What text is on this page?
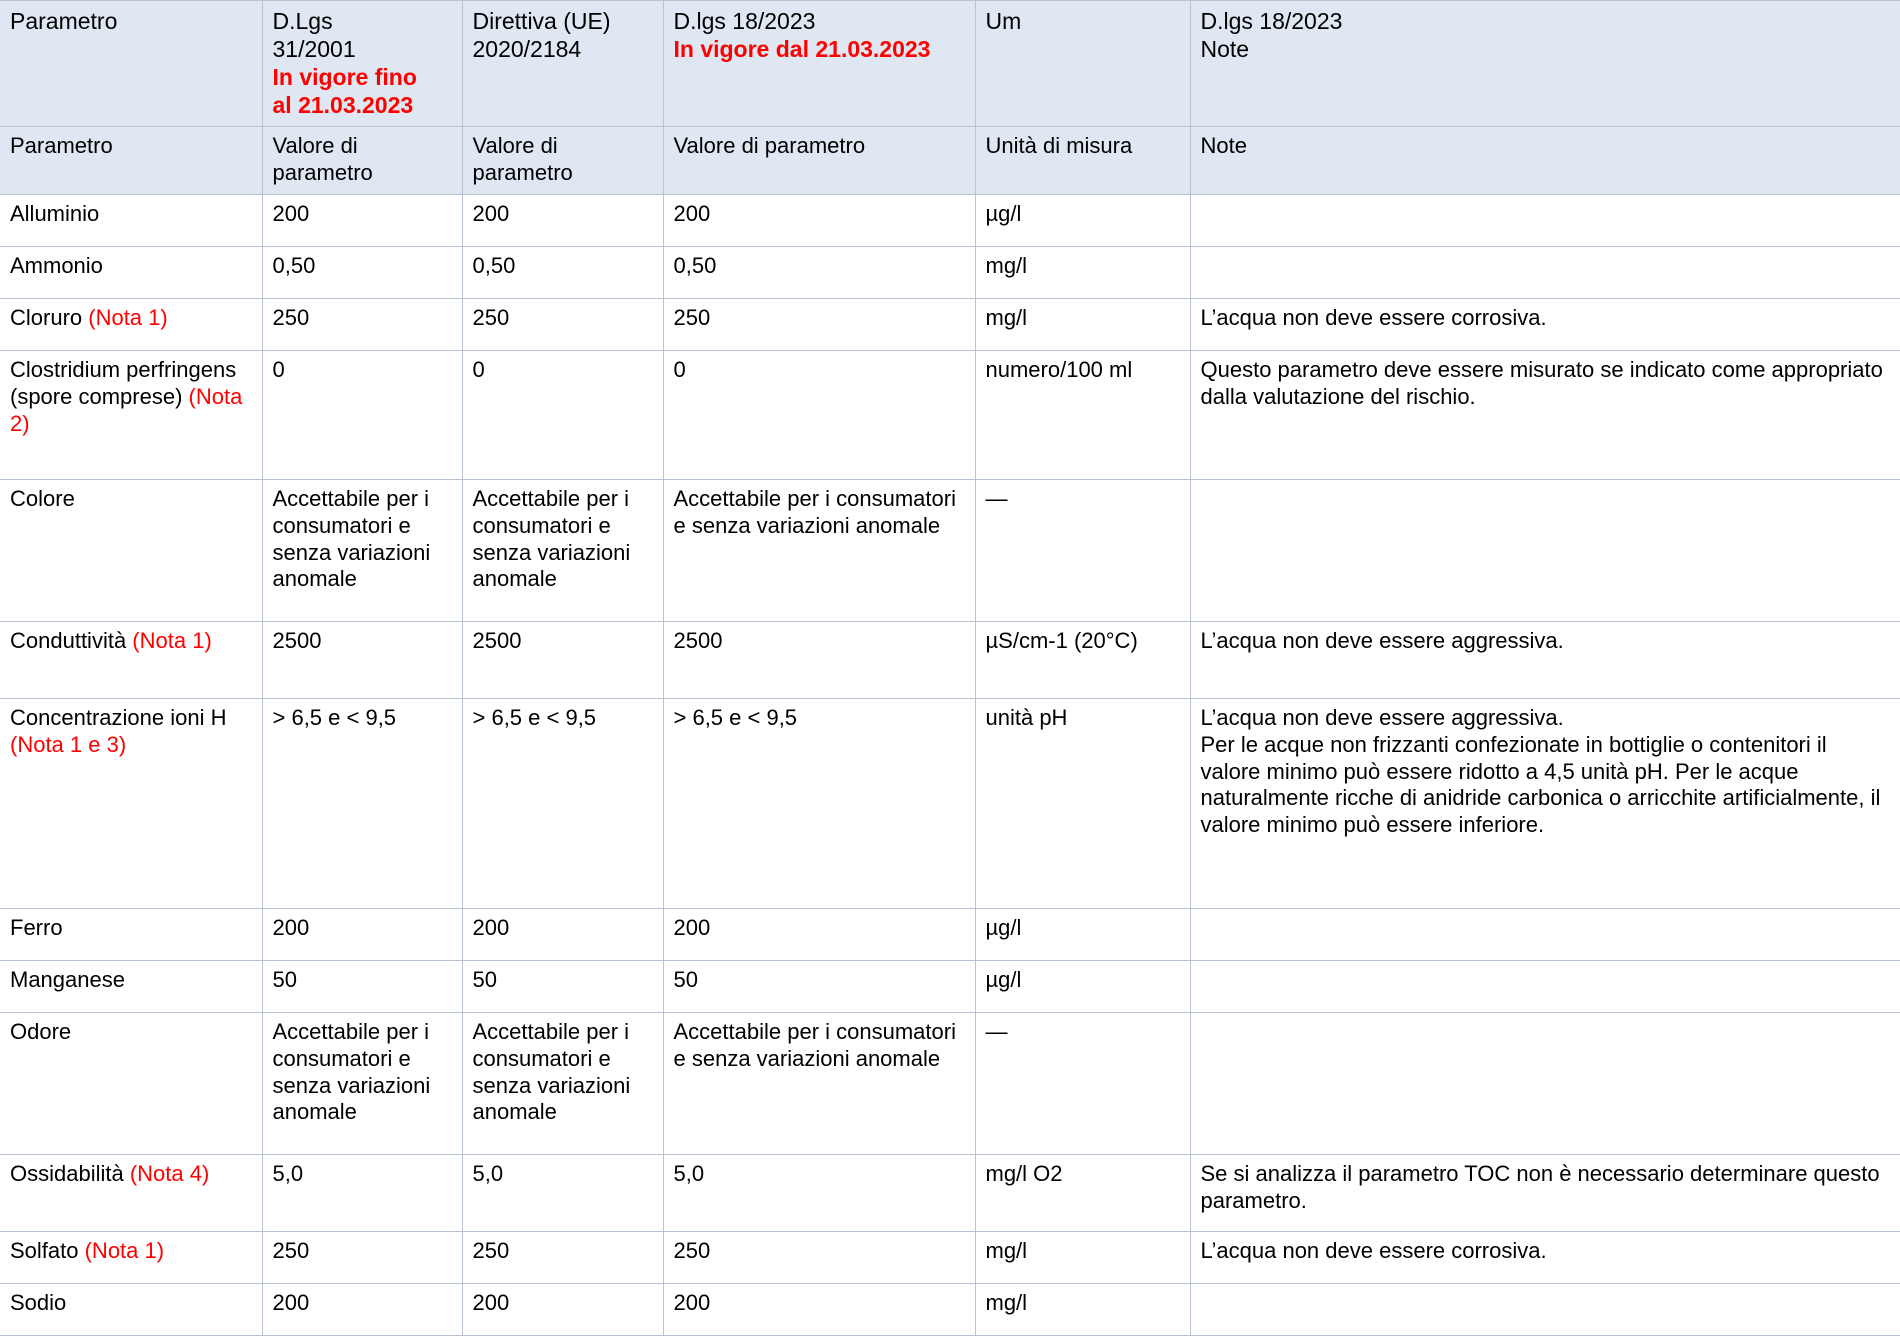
Parametro	D.Lgs
31/2001
In vigore fino
al 21.03.2023	Direttiva (UE)
2020/2184	D.lgs 18/2023
In vigore dal 21.03.2023	Um	D.lgs 18/2023
Note

Parametro	Valore di parametro	Valore di parametro	Valore di parametro	Unità di misura	Note
Alluminio	200	200	200	µg/l	
Ammonio	0,50	0,50	0,50	mg/l	
Cloruro (Nota 1)	250	250	250	mg/l	L’acqua non deve essere corrosiva.
Clostridium perfringens (spore comprese) (Nota 2)	0	0	0	numero/100 ml	Questo parametro deve essere misurato se indicato come appropriato dalla valutazione del rischio.
Colore	Accettabile per i consumatori e senza variazioni anomale	Accettabile per i consumatori e senza variazioni anomale	Accettabile per i consumatori e senza variazioni anomale	—	
Conduttività (Nota 1)	2500	2500	2500	µS/cm-1 (20°C)	L’acqua non deve essere aggressiva.
Concentrazione ioni H (Nota 1 e 3)	> 6,5 e < 9,5	> 6,5 e < 9,5	> 6,5 e < 9,5	unità pH	L’acqua non deve essere aggressiva.
Per le acque non frizzanti confezionate in bottiglie o contenitori il valore minimo può essere ridotto a 4,5 unità pH. Per le acque naturalmente ricche di anidride carbonica o arricchite artificialmente, il valore minimo può essere inferiore.

Ferro	200	200	200	µg/l	
Manganese	50	50	50	µg/l	
Odore	Accettabile per i consumatori e senza variazioni anomale	Accettabile per i consumatori e senza variazioni anomale	Accettabile per i consumatori e senza variazioni anomale	—	
Ossidabilità (Nota 4)	5,0	5,0	5,0	mg/l O2	Se si analizza il parametro TOC non è necessario determinare questo parametro.
Solfato (Nota 1)	250	250	250	mg/l	L’acqua non deve essere corrosiva.
Sodio	200	200	200	mg/l	
